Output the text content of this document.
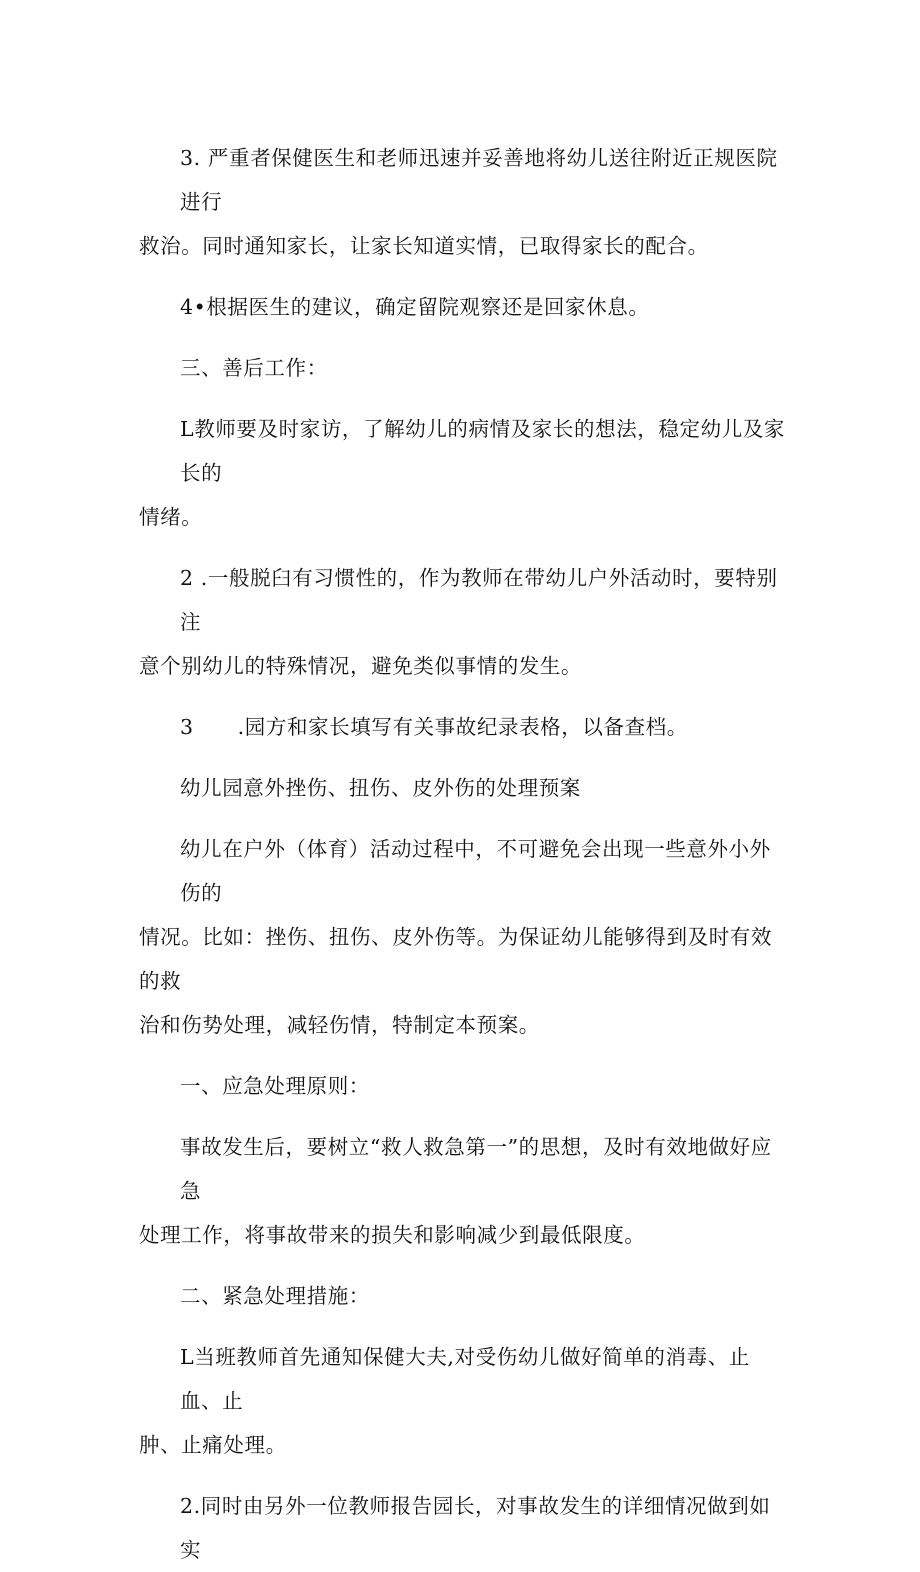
3. 严重者保健医生和老师迅速并妥善地将幼儿送往附近正规医院进行
救治。同时通知家长，让家长知道实情，已取得家长的配合。

4•根据医生的建议，确定留院观察还是回家休息。

三、善后工作：

L教师要及时家访，了解幼儿的病情及家长的想法，稳定幼儿及家长的
情绪。

2 .一般脱臼有习惯性的，作为教师在带幼儿户外活动时，要特别注
意个别幼儿的特殊情况，避免类似事情的发生。

3 .园方和家长填写有关事故纪录表格，以备查档。

幼儿园意外挫伤、扭伤、皮外伤的处理预案

幼儿在户外（体育）活动过程中，不可避免会出现一些意外小外伤的
情况。比如：挫伤、扭伤、皮外伤等。为保证幼儿能够得到及时有效的救
治和伤势处理，减轻伤情，特制定本预案。

一、应急处理原则：

事故发生后，要树立“救人救急第一”的思想，及时有效地做好应急
处理工作，将事故带来的损失和影响减少到最低限度。

二、紧急处理措施：

L当班教师首先通知保健大夫,对受伤幼儿做好简单的消毒、止血、止
肿、止痛处理。

2.同时由另外一位教师报告园长，对事故发生的详细情况做到如实
